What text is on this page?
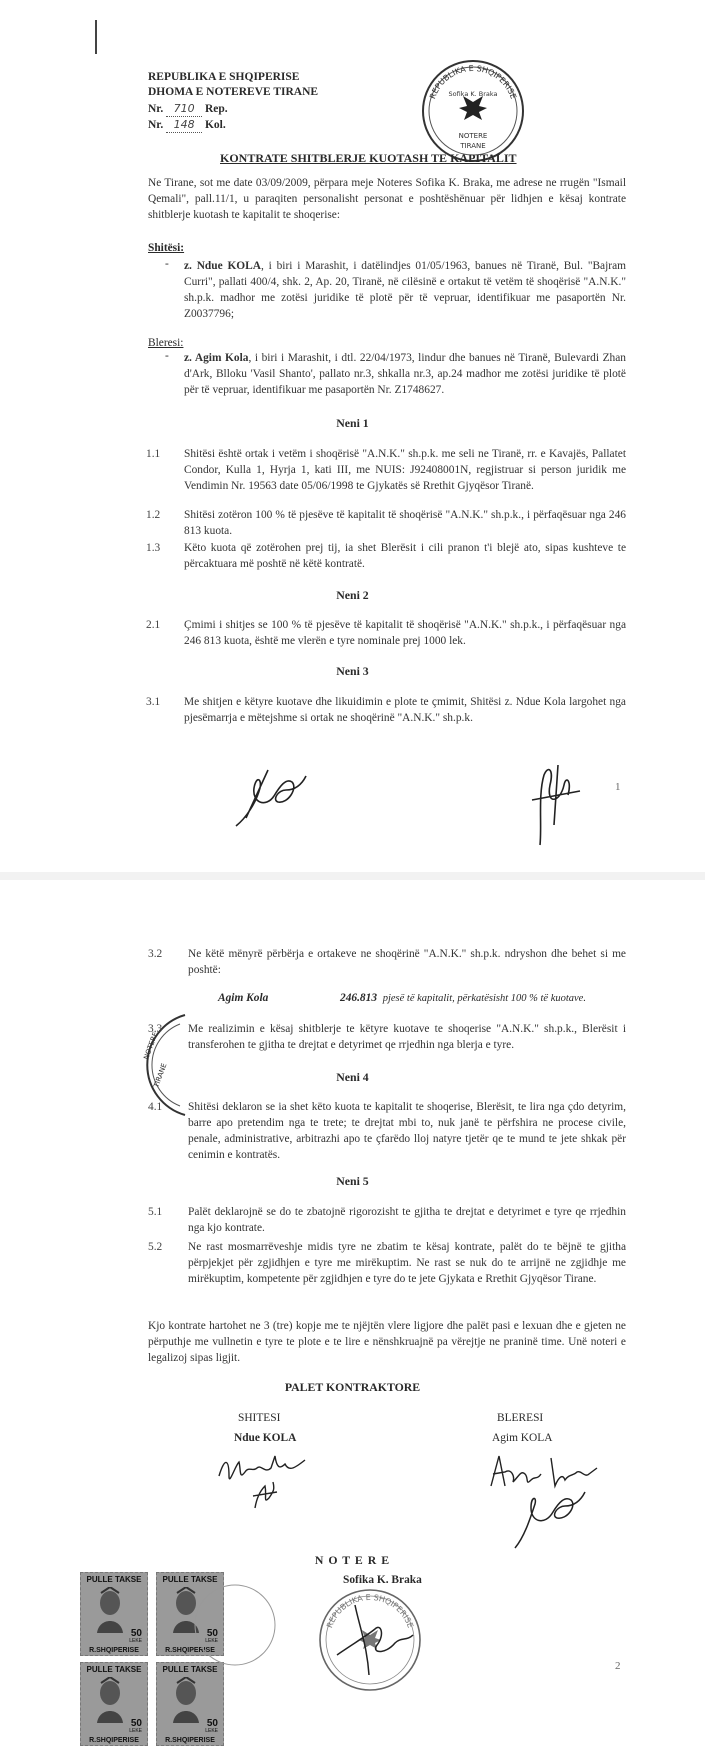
REPUBLIKA E SHQIPERISE
DHOMA E NOTEREVE TIRANE
Nr. 710 Rep.
Nr. 148 Kol.
REPUBLIKA E SHQIPERISE
Sofika K. Braka
NOTERE
TIRANE
KONTRATE SHITBLERJE KUOTASH TE KAPITALIT
Ne Tirane, sot me date 03/09/2009, përpara meje Noteres Sofika K. Braka, me adrese ne rrugën "Ismail Qemali", pall.11/1, u paraqiten personalisht personat e poshtëshënuar për lidhjen e kësaj kontrate shitblerje kuotash te kapitalit te shoqerise:
Shitësi:
- z. Ndue KOLA, i biri i Marashit, i datëlindjes 01/05/1963, banues në Tiranë, Bul. "Bajram Curri", pallati 400/4, shk. 2, Ap. 20, Tiranë, në cilësinë e ortakut të vetëm të shoqërisë "A.N.K." sh.p.k. madhor me zotësi juridike të plotë për të vepruar, identifikuar me pasaportën Nr. Z0037796;
Bleresi:
- z. Agim Kola, i biri i Marashit, i dtl. 22/04/1973, lindur dhe banues në Tiranë, Bulevardi Zhan d'Ark, Blloku 'Vasil Shanto', pallato nr.3, shkalla nr.3, ap.24 madhor me zotësi juridike të plotë për të vepruar, identifikuar me pasaportën Nr. Z1748627.
Neni 1
1.1 Shitësi është ortak i vetëm i shoqërisë "A.N.K." sh.p.k. me seli ne Tiranë, rr. e Kavajës, Pallatet Condor, Kulla 1, Hyrja 1, kati III, me NUIS: J92408001N, regjistruar si person juridik me Vendimin Nr. 19563 date 05/06/1998 te Gjykatës së Rrethit Gjyqësor Tiranë.
1.2 Shitësi zotëron 100 % të pjesëve të kapitalit të shoqërisë "A.N.K." sh.p.k., i përfaqësuar nga 246 813 kuota.
1.3 Këto kuota që zotërohen prej tij, ia shet Blerësit i cili pranon t'i blejë ato, sipas kushteve te përcaktuara më poshtë në këtë kontratë.
Neni 2
2.1 Çmimi i shitjes se 100 % të pjesëve të kapitalit të shoqërisë "A.N.K." sh.p.k., i përfaqësuar nga 246 813 kuota, është me vlerën e tyre nominale prej 1000 lek.
Neni 3
3.1 Me shitjen e këtyre kuotave dhe likuidimin e plote te çmimit, Shitësi z. Ndue Kola largohet nga pjesëmarrja e mëtejshme si ortak ne shoqërinë "A.N.K." sh.p.k.
1
NOTERE
TIRANE
3.2 Ne këtë mënyrë përbërja e ortakeve ne shoqërinë "A.N.K." sh.p.k. ndryshon dhe behet si me poshtë:
Agim Kola	246.813 pjesë të kapitalit, përkatësisht 100 % të kuotave.
3.3 Me realizimin e kësaj shitblerje te këtyre kuotave te shoqerise "A.N.K." sh.p.k., Blerësit i transferohen te gjitha te drejtat e detyrimet qe rrjedhin nga blerja e tyre.
Neni 4
4.1 Shitësi deklaron se ia shet këto kuota te kapitalit te shoqerise, Blerësit, te lira nga çdo detyrim, barre apo pretendim nga te trete; te drejtat mbi to, nuk janë te përfshira ne procese civile, penale, administrative, arbitrazhi apo te çfarëdo lloj natyre tjetër qe te mund te jete shkak për cenimin e kontratës.
Neni 5
5.1 Palët deklarojnë se do te zbatojnë rigorozisht te gjitha te drejtat e detyrimet e tyre qe rrjedhin nga kjo kontrate.
5.2 Ne rast mosmarrëveshje midis tyre ne zbatim te kësaj kontrate, palët do te bëjnë te gjitha përpjekjet për zgjidhjen e tyre me mirëkuptim. Ne rast se nuk do te arrijnë ne zgjidhje me mirëkuptim, kompetente për zgjidhjen e tyre do te jete Gjykata e Rrethit Gjyqësor Tirane.
Kjo kontrate hartohet ne 3 (tre) kopje me te njëjtën vlere ligjore dhe palët pasi e lexuan dhe e gjeten ne përputhje me vullnetin e tyre te plote e te lire e nënshkruajnë pa vërejtje ne praninë time. Unë noteri e legalizoj sipas ligjit.
PALET KONTRAKTORE
SHITESI
Ndue KOLA
BLERESI
Agim KOLA
N O T E R E
Sofika K. Braka
REPUBLIKA E SHQIPERISE
PULLE TAKSE
50
LEKE
R.SHQIPERISE
PULLE TAKSE
50
LEKE
R.SHQIPERISE
PULLE TAKSE
50
LEKE
R.SHQIPERISE
PULLE TAKSE
50
LEKE
R.SHQIPERISE
2
